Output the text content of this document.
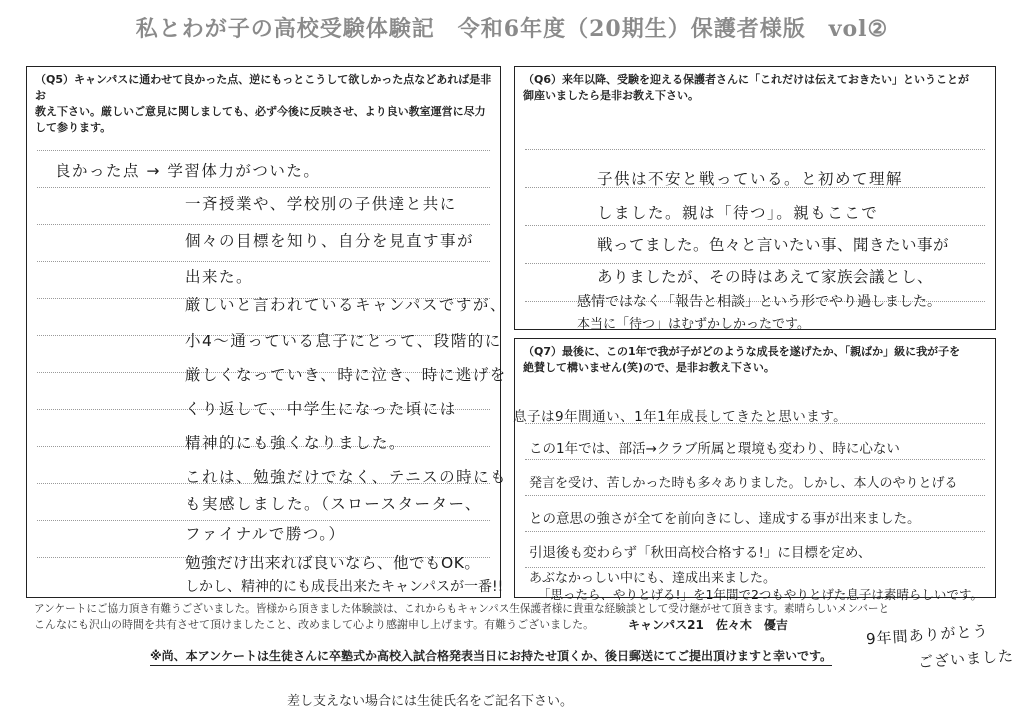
私とわが子の高校受験体験記　令和6年度（20期生）保護者様版　vol②
（Q5）キャンパスに通わせて良かった点、逆にもっとこうして欲しかった点などあれば是非お
教え下さい。厳しいご意見に関しましても、必ず今後に反映させ、より良い教室運営に尽力
して参ります。
良かった点 → 学習体力がついた。
一斉授業や、学校別の子供達と共に
個々の目標を知り、自分を見直す事が
出来た。
厳しいと言われているキャンパスですが、
小4～通っている息子にとって、段階的に
厳しくなっていき、時に泣き、時に逃げを
くり返して、中学生になった頃には
精神的にも強くなりました。
これは、勉強だけでなく、テニスの時にも
も実感しました。（スロースターター、
ファイナルで勝つ。）
勉強だけ出来れば良いなら、他でもOK。
しかし、精神的にも成長出来たキャンパスが一番!!
（Q6）来年以降、受験を迎える保護者さんに「これだけは伝えておきたい」ということが
御座いましたら是非お教え下さい。
子供は不安と戦っている。と初めて理解
しました。親は「待つ」。親もここで
戦ってました。色々と言いたい事、聞きたい事が
ありましたが、その時はあえて家族会議とし、
感情ではなく「報告と相談」という形でやり過しました。
本当に「待つ」はむずかしかったです。
（Q7）最後に、この1年で我が子がどのような成長を遂げたか、「親ばか」級に我が子を
絶賛して構いません(笑)ので、是非お教え下さい。
息子は9年間通い、1年1年成長してきたと思います。
この1年では、部活→クラブ所属と環境も変わり、時に心ない
発言を受け、苦しかった時も多々ありました。しかし、本人のやりとげる
との意思の強さが全てを前向きにし、達成する事が出来ました。
引退後も変わらず「秋田高校合格する!」に目標を定め、
あぶなかっしい中にも、達成出来ました。
「思ったら、やりとげる!」を1年間で2つもやりとげた息子は素晴らしいです。
9年間ありがとう
ございました
アンケートにご協力頂き有難うございました。皆様から頂きました体験談は、これからもキャンパス生保護者様に貴重な経験談として受け継がせて頂きます。素晴らしいメンバーと
こんなにも沢山の時間を共有させて頂けましたこと、改めまして心より感謝申し上げます。有難うございました。	キャンパス21　佐々木　優吉
※尚、本アンケートは生徒さんに卒塾式か高校入試合格発表当日にお持たせ頂くか、後日郵送にてご提出頂けますと幸いです。
差し支えない場合には生徒氏名をご記名下さい。
